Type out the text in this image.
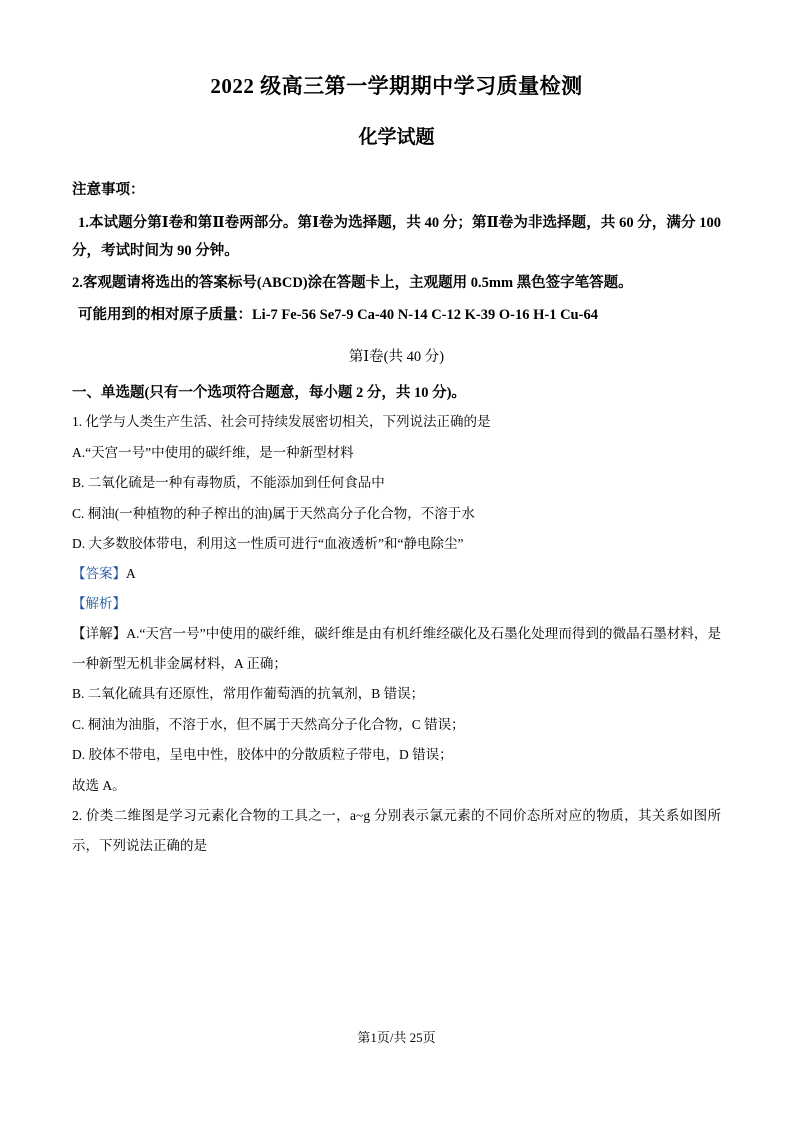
2022 级高三第一学期期中学习质量检测
化学试题

注意事项：

1.本试题分第Ⅰ卷和第Ⅱ卷两部分。第Ⅰ卷为选择题，共 40 分；第Ⅱ卷为非选择题，共 60 分，满分 100 分，考试时间为 90 分钟。

2.客观题请将选出的答案标号(ABCD)涂在答题卡上，主观题用 0.5mm 黑色签字笔答题。

可能用到的相对原子质量：Li-7 Fe-56 Se7-9 Ca-40 N-14 C-12 K-39 O-16 H-1 Cu-64

第Ⅰ卷(共 40 分)

一、单选题(只有一个选项符合题意，每小题 2 分，共 10 分)。

1. 化学与人类生产生活、社会可持续发展密切相关，下列说法正确的是

A.“天宫一号”中使用的碳纤维，是一种新型材料

B. 二氧化硫是一种有毒物质，不能添加到任何食品中

C. 桐油(一种植物的种子榨出的油)属于天然高分子化合物，不溶于水

D. 大多数胶体带电，利用这一性质可进行“血液透析”和“静电除尘”

【答案】A

【解析】

【详解】A.“天宫一号”中使用的碳纤维，碳纤维是由有机纤维经碳化及石墨化处理而得到的微晶石墨材料，是一种新型无机非金属材料，A 正确；

B. 二氧化硫具有还原性，常用作葡萄酒的抗氧剂，B 错误；

C. 桐油为油脂，不溶于水，但不属于天然高分子化合物，C 错误；

D. 胶体不带电，呈电中性，胶体中的分散质粒子带电，D 错误；

故选 A。

2. 价类二维图是学习元素化合物的工具之一，a~g 分别表示氯元素的不同价态所对应的物质，其关系如图所示，下列说法正确的是

第1页/共 25页
